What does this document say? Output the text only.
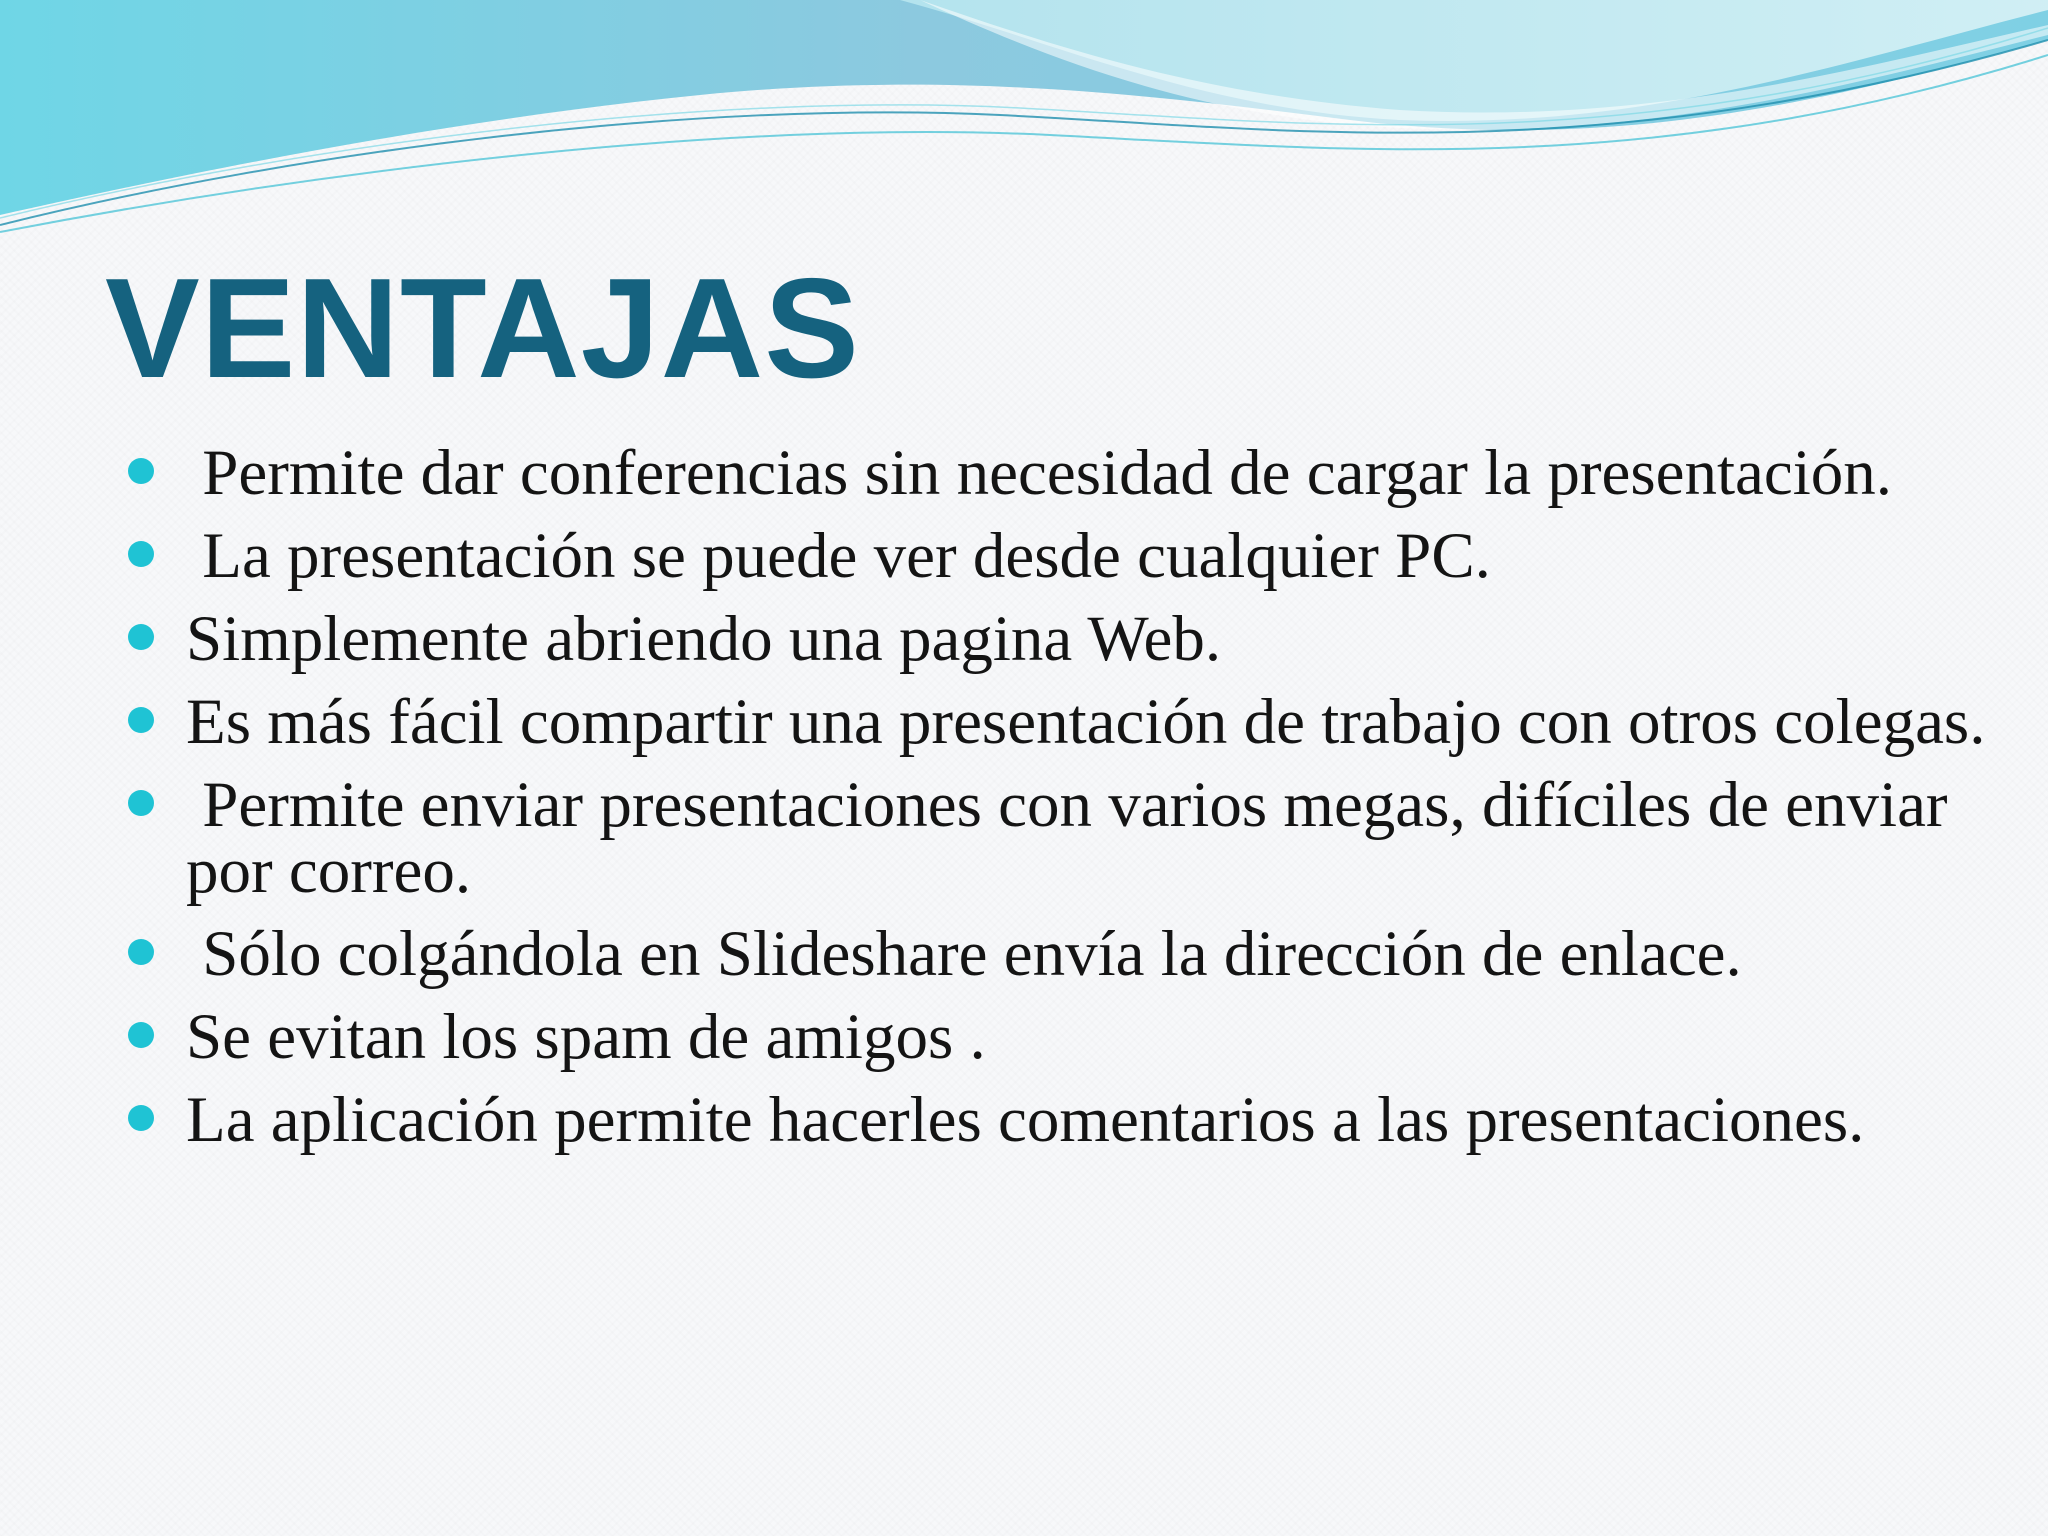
VENTAJAS
Permite dar conferencias sin necesidad de cargar la presentación.
La presentación se puede ver desde cualquier PC.
Simplemente abriendo una pagina Web.
Es más fácil compartir una presentación de trabajo con otros colegas.
Permite enviar presentaciones con varios megas, difíciles de enviar por correo.
Sólo colgándola en Slideshare envía la dirección de enlace.
Se evitan los spam de amigos .
La aplicación permite hacerles comentarios a las presentaciones.
